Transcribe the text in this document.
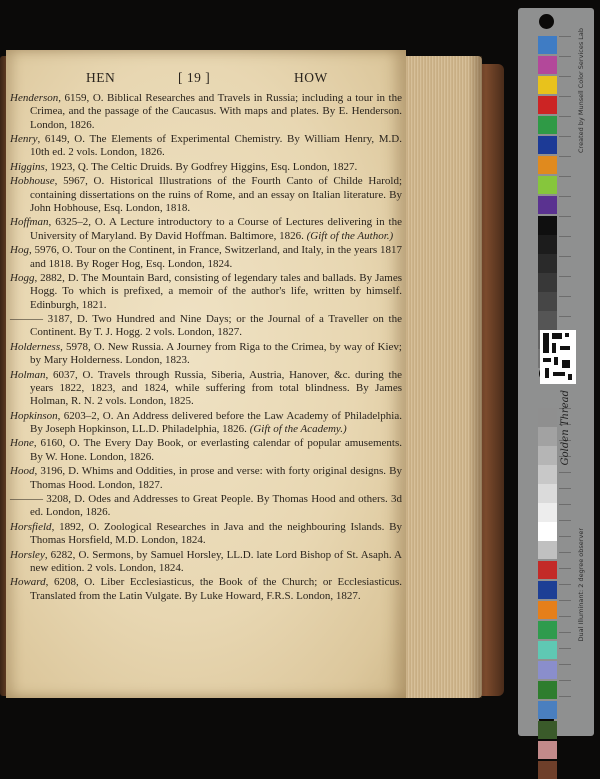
HEN	[ 19 ]	HOW
Henderson, 6159, O. Biblical Researches and Travels in Russia; including a tour in the Crimea, and the passage of the Caucasus. With maps and plates. By E. Henderson. London, 1826.
Henry, 6149, O. The Elements of Experimental Chemistry. By William Henry, M.D. 10th ed. 2 vols. London, 1826.
Higgins, 1923, Q. The Celtic Druids. By Godfrey Higgins, Esq. London, 1827.
Hobhouse, 5967, O. Historical Illustrations of the Fourth Canto of Childe Harold; containing dissertations on the ruins of Rome, and an essay on Italian literature. By John Hobhouse, Esq. London, 1818.
Hoffman, 6325–2, O. A Lecture introductory to a Course of Lectures delivering in the University of Maryland. By David Hoffman. Baltimore, 1826. (Gift of the Author.)
Hog, 5976, O. Tour on the Continent, in France, Switzerland, and Italy, in the years 1817 and 1818. By Roger Hog, Esq. London, 1824.
Hogg, 2882, D. The Mountain Bard, consisting of legendary tales and ballads. By James Hogg. To which is prefixed, a memoir of the author's life, written by himself. Edinburgh, 1821.
——— 3187, D. Two Hundred and Nine Days; or the Journal of a Traveller on the Continent. By T. J. Hogg. 2 vols. London, 1827.
Holderness, 5978, O. New Russia. A Journey from Riga to the Crimea, by way of Kiev; by Mary Holderness. London, 1823.
Holman, 6037, O. Travels through Russia, Siberia, Austria, Hanover, &c. during the years 1822, 1823, and 1824, while suffering from total blindness. By James Holman, R. N. 2 vols. London, 1825.
Hopkinson, 6203–2, O. An Address delivered before the Law Academy of Philadelphia. By Joseph Hopkinson, LL.D. Philadelphia, 1826. (Gift of the Academy.)
Hone, 6160, O. The Every Day Book, or everlasting calendar of popular amusements. By W. Hone. London, 1826.
Hood, 3196, D. Whims and Oddities, in prose and verse: with forty original designs. By Thomas Hood. London, 1827.
——— 3208, D. Odes and Addresses to Great People. By Thomas Hood and others. 3d ed. London, 1826.
Horsfield, 1892, O. Zoological Researches in Java and the neighbouring Islands. By Thomas Horsfield, M.D. London, 1824.
Horsley, 6282, O. Sermons, by Samuel Horsley, LL.D. late Lord Bishop of St. Asaph. A new edition. 2 vols. London, 1824.
Howard, 6208, O. Liber Ecclesiasticus, the Book of the Church; or Ecclesiasticus. Translated from the Latin Vulgate. By Luke Howard, F.R.S. London, 1827.
Created by Munsell Color Services Lab
Dual Illuminant: 2 degree observer
Golden Thread
